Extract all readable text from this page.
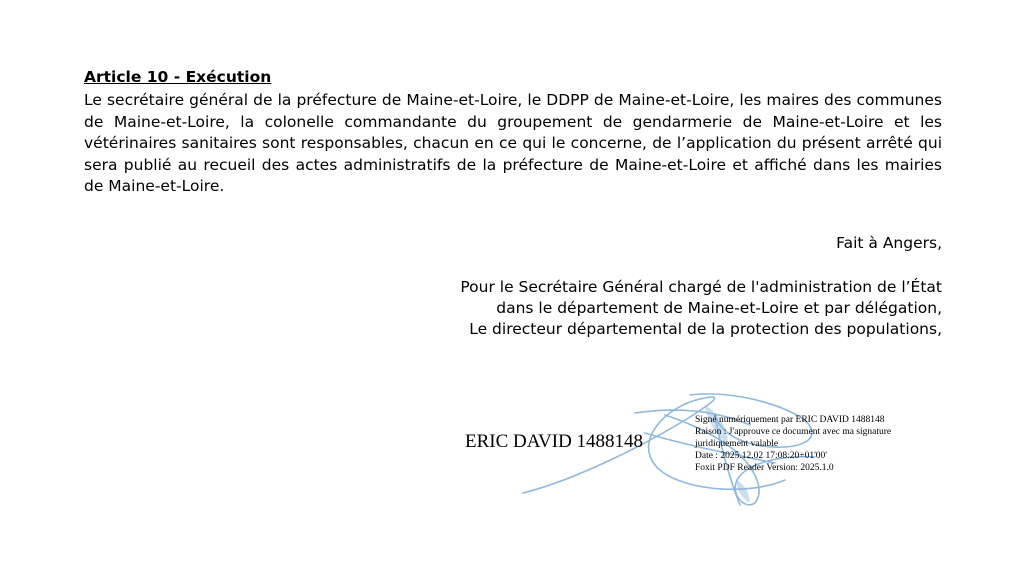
Article 10 - Exécution

Le secrétaire général de la préfecture de Maine-et-Loire, le DDPP de Maine-et-Loire, les maires des communes de Maine-et-Loire, la colonelle commandante du groupement de gendarmerie de Maine-et-Loire et les vétérinaires sanitaires sont responsables, chacun en ce qui le concerne, de l’application du présent arrêté qui sera publié au recueil des actes administratifs de la préfecture de Maine-et-Loire et affiché dans les mairies de Maine-et-Loire.

Fait à Angers,

Pour le Secrétaire Général chargé de l'administration de l’État
dans le département de Maine-et-Loire et par délégation,
Le directeur départemental de la protection des populations,

ERIC DAVID 1488148
Signé numériquement par ERIC DAVID 1488148
Raison : J'approuve ce document avec ma signature
juridiquement valable
Date : 2025.12.02 17:08:20+01'00'
Foxit PDF Reader Version: 2025.1.0
